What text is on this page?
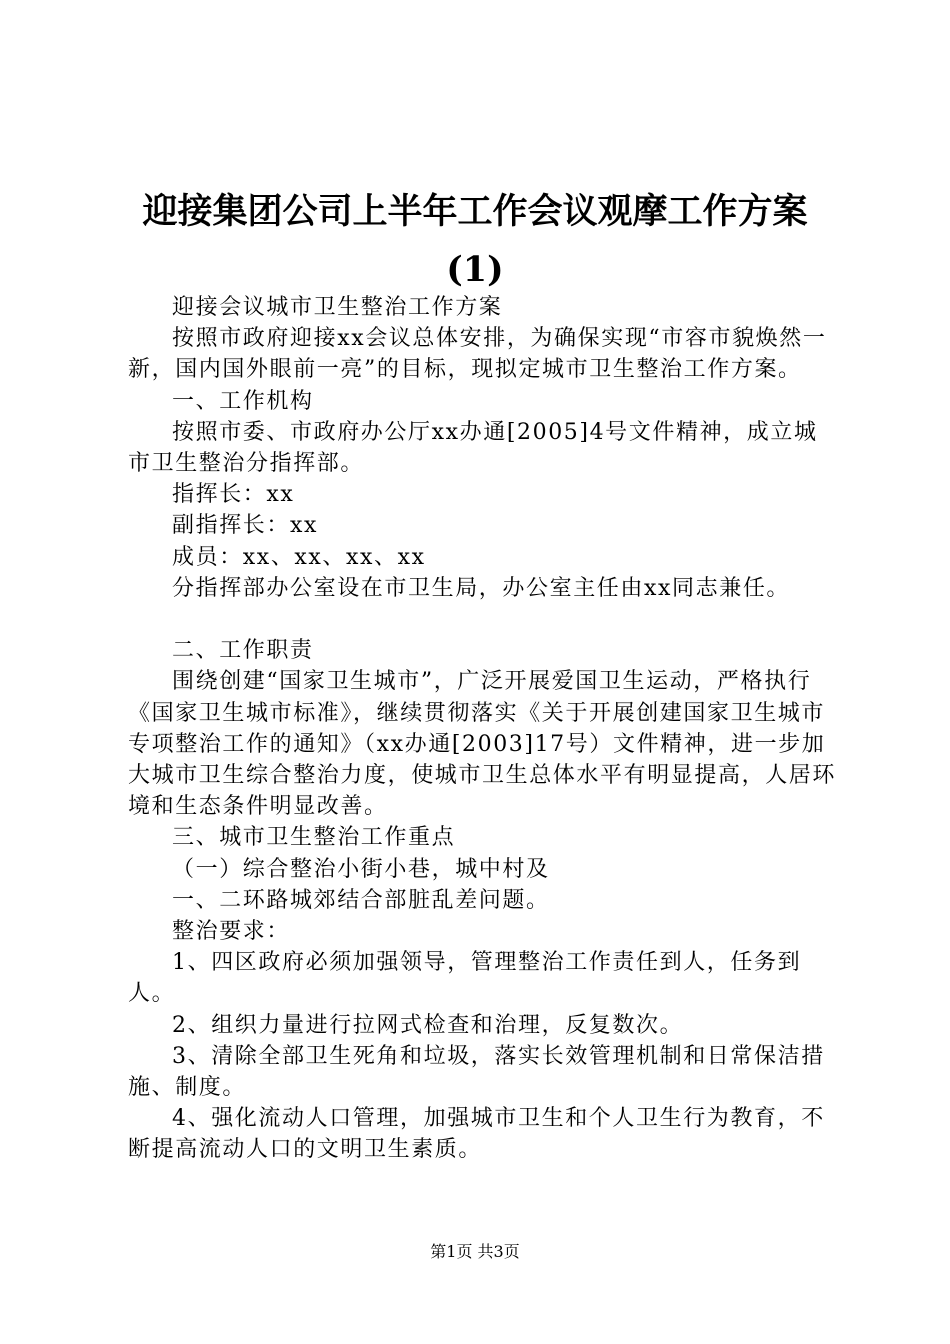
迎接集团公司上半年工作会议观摩工作方案
(1)

迎接会议城市卫生整治工作方案

按照市政府迎接xx会议总体安排，为确保实现“市容市貌焕然一新，国内国外眼前一亮”的目标，现拟定城市卫生整治工作方案。

一、工作机构

按照市委、市政府办公厅xx办通[2005]4号文件精神，成立城市卫生整治分指挥部。

指挥长：xx

副指挥长：xx

成员：xx、xx、xx、xx

分指挥部办公室设在市卫生局，办公室主任由xx同志兼任。

二、工作职责

围绕创建“国家卫生城市”，广泛开展爱国卫生运动，严格执行《国家卫生城市标准》，继续贯彻落实《关于开展创建国家卫生城市专项整治工作的通知》（xx办通[2003]17号）文件精神，进一步加大城市卫生综合整治力度，使城市卫生总体水平有明显提高，人居环境和生态条件明显改善。

三、城市卫生整治工作重点

（一）综合整治小街小巷，城中村及

一、二环路城郊结合部脏乱差问题。

整治要求：

1、四区政府必须加强领导，管理整治工作责任到人，任务到人。

2、组织力量进行拉网式检查和治理，反复数次。

3、清除全部卫生死角和垃圾，落实长效管理机制和日常保洁措施、制度。

4、强化流动人口管理，加强城市卫生和个人卫生行为教育，不断提高流动人口的文明卫生素质。

第1页 共3页
